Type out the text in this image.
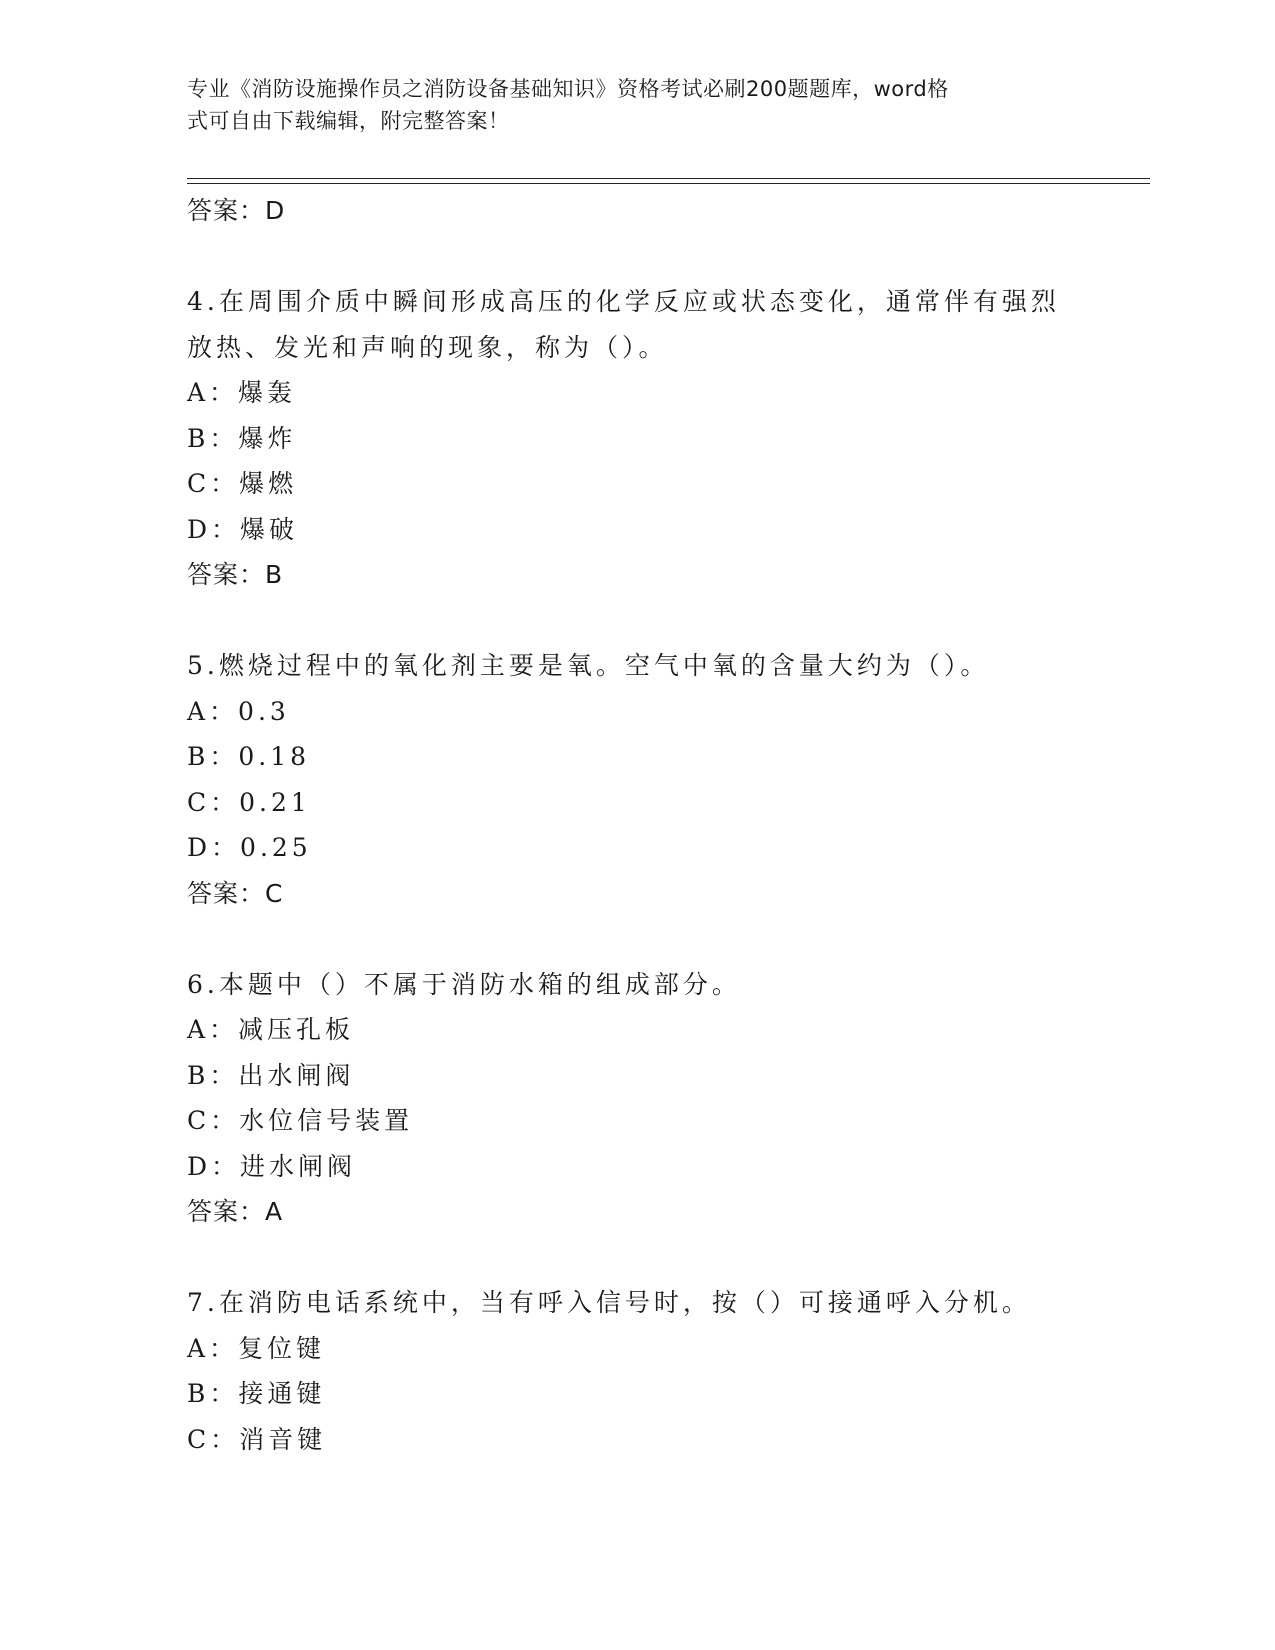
专业《消防设施操作员之消防设备基础知识》资格考试必刷200题题库，word格
式可自由下载编辑，附完整答案！
答案：D
4.在周围介质中瞬间形成高压的化学反应或状态变化，通常伴有强烈
放热、发光和声响的现象，称为（）。
A：爆轰
B：爆炸
C：爆燃
D：爆破
答案：B
5.燃烧过程中的氧化剂主要是氧。空气中氧的含量大约为（）。
A：0.3
B：0.18
C：0.21
D：0.25
答案：C
6.本题中（）不属于消防水箱的组成部分。
A：减压孔板
B：出水闸阀
C：水位信号装置
D：进水闸阀
答案：A
7.在消防电话系统中，当有呼入信号时，按（）可接通呼入分机。
A：复位键
B：接通键
C：消音键
